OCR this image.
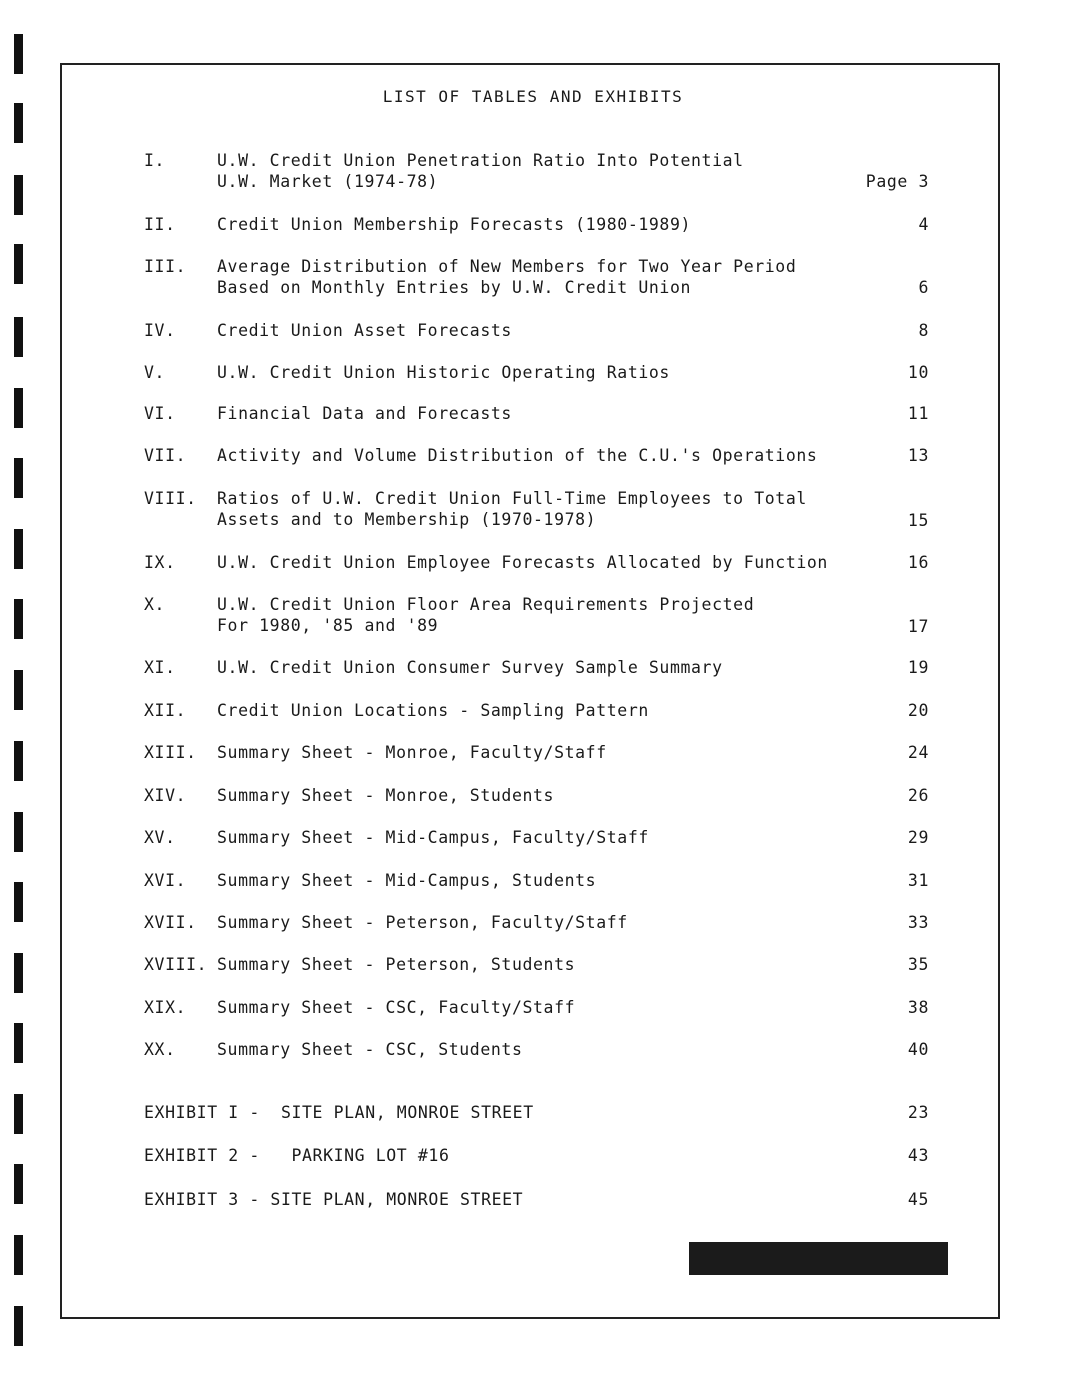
LIST OF TABLES AND EXHIBITS
I.	U.W. Credit Union Penetration Ratio Into Potential
U.W. Market (1974-78)	Page 3
II.	Credit Union Membership Forecasts (1980-1989)	4
III. Average Distribution of New Members for Two Year Period
Based on Monthly Entries by U.W. Credit Union	6
IV.	Credit Union Asset Forecasts	8
V.	U.W. Credit Union Historic Operating Ratios	10
VI.	Financial Data and Forecasts	11
VII. Activity and Volume Distribution of the C.U.'s Operations	13
VIII. Ratios of U.W. Credit Union Full-Time Employees to Total
Assets and to Membership (1970-1978)	15
IX.	U.W. Credit Union Employee Forecasts Allocated by Function	16
X.	U.W. Credit Union Floor Area Requirements Projected
For 1980, '85 and '89	17
XI.	U.W. Credit Union Consumer Survey Sample Summary	19
XII. Credit Union Locations - Sampling Pattern	20
XIII. Summary Sheet - Monroe, Faculty/Staff	24
XIV. Summary Sheet - Monroe, Students	26
XV.	Summary Sheet - Mid-Campus, Faculty/Staff	29
XVI. Summary Sheet - Mid-Campus, Students	31
XVII. Summary Sheet - Peterson, Faculty/Staff	33
XVIII. Summary Sheet - Peterson, Students	35
XIX. Summary Sheet - CSC, Faculty/Staff	38
XX.	Summary Sheet - CSC, Students	40
EXHIBIT I -  SITE PLAN, MONROE STREET	23
EXHIBIT 2 -   PARKING LOT #16	43
EXHIBIT 3 - SITE PLAN, MONROE STREET	45
